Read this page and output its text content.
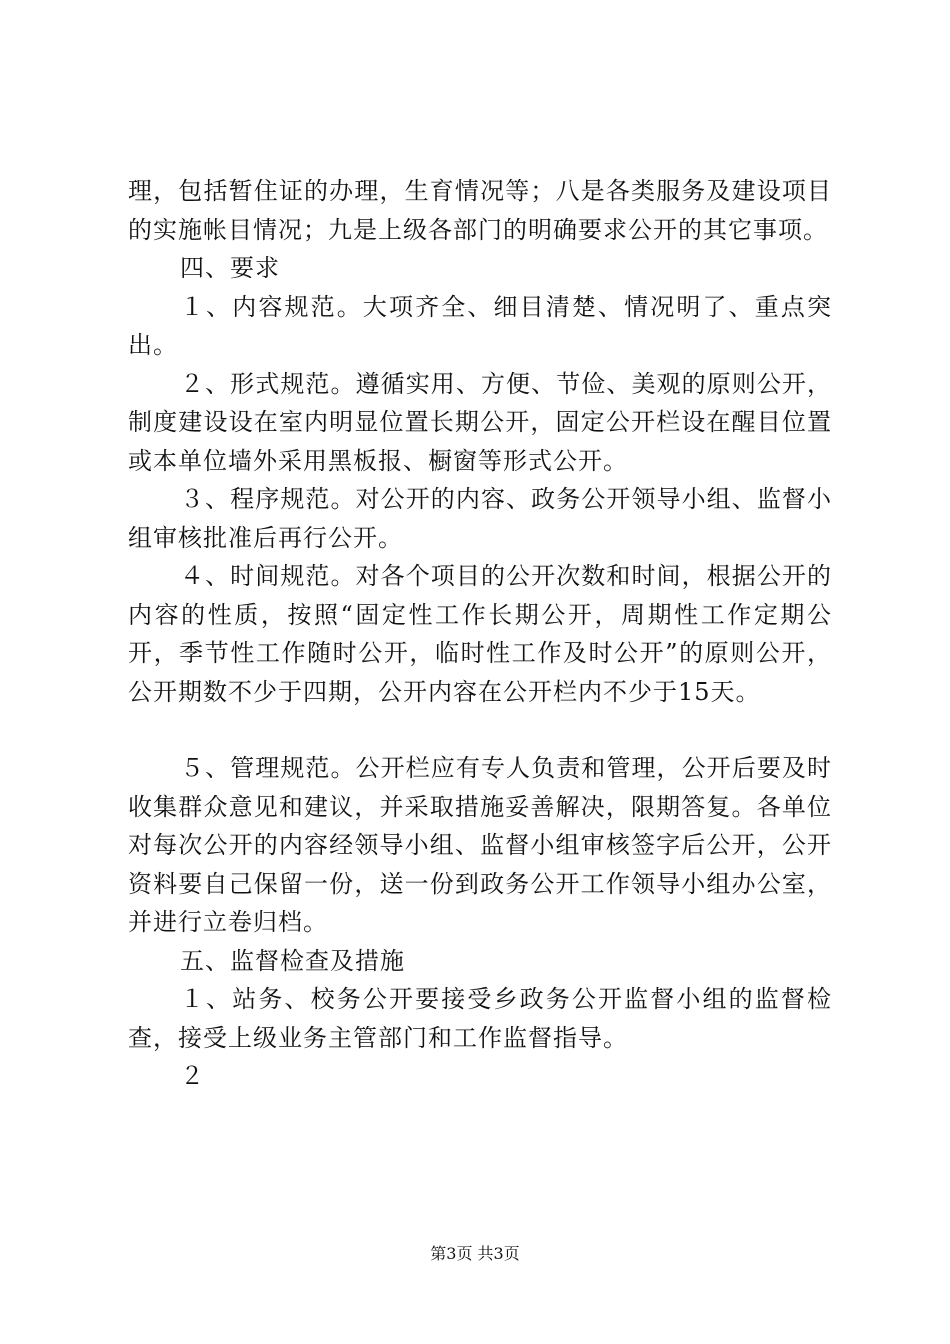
理，包括暂住证的办理，生育情况等；八是各类服务及建设项目的实施帐目情况；九是上级各部门的明确要求公开的其它事项。

四、要求

１、内容规范。大项齐全、细目清楚、情况明了、重点突出。

２、形式规范。遵循实用、方便、节俭、美观的原则公开，制度建设设在室内明显位置长期公开，固定公开栏设在醒目位置或本单位墙外采用黑板报、橱窗等形式公开。

３、程序规范。对公开的内容、政务公开领导小组、监督小组审核批准后再行公开。

４、时间规范。对各个项目的公开次数和时间，根据公开的内容的性质，按照“固定性工作长期公开，周期性工作定期公开，季节性工作随时公开，临时性工作及时公开”的原则公开，公开期数不少于四期，公开内容在公开栏内不少于15天。

５、管理规范。公开栏应有专人负责和管理，公开后要及时收集群众意见和建议，并采取措施妥善解决，限期答复。各单位对每次公开的内容经领导小组、监督小组审核签字后公开，公开资料要自己保留一份，送一份到政务公开工作领导小组办公室，并进行立卷归档。

五、监督检查及措施

１、站务、校务公开要接受乡政务公开监督小组的监督检查，接受上级业务主管部门和工作监督指导。

２

第3页 共3页
